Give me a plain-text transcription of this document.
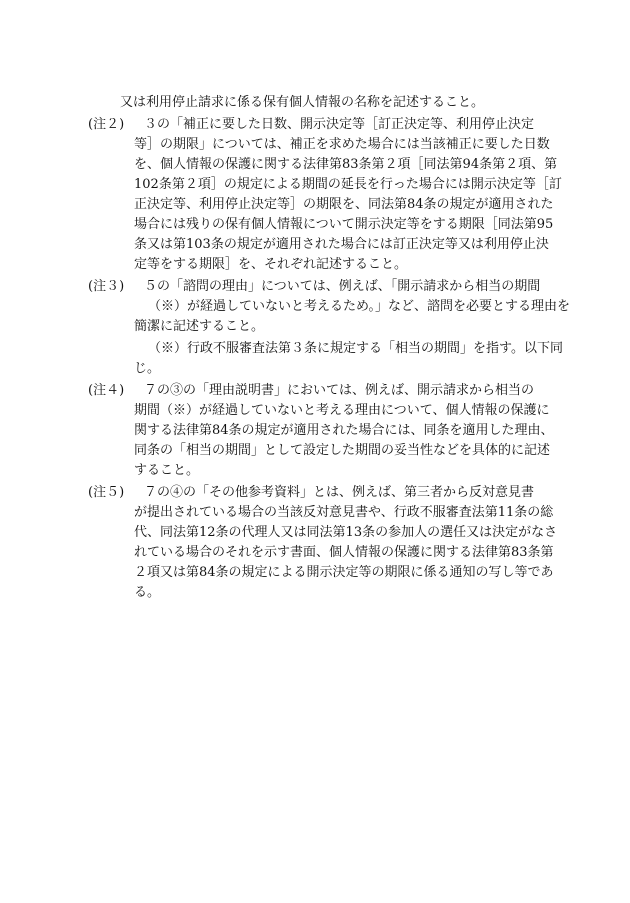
又は利用停止請求に係る保有個人情報の名称を記述すること。
(注２)	３の「補正に要した日数、開示決定等［訂正決定等、利用停止決定
等］の期限」については、補正を求めた場合には当該補正に要した日数
を、個人情報の保護に関する法律第83条第２項［同法第94条第２項、第
102条第２項］の規定による期間の延長を行った場合には開示決定等［訂
正決定等、利用停止決定等］の期限を、同法第84条の規定が適用された
場合には残りの保有個人情報について開示決定等をする期限［同法第95
条又は第103条の規定が適用された場合には訂正決定等又は利用停止決
定等をする期限］を、それぞれ記述すること。
(注３)	５の「諮問の理由」については、例えば、「開示請求から相当の期間
（※）が経過していないと考えるため。」など、諮問を必要とする理由を
簡潔に記述すること。
（※）行政不服審査法第３条に規定する「相当の期間」を指す。以下同
じ。
(注４)	７の③の「理由説明書」においては、例えば、開示請求から相当の
期間（※）が経過していないと考える理由について、個人情報の保護に
関する法律第84条の規定が適用された場合には、同条を適用した理由、
同条の「相当の期間」として設定した期間の妥当性などを具体的に記述
すること。
(注５)	７の④の「その他参考資料」とは、例えば、第三者から反対意見書
が提出されている場合の当該反対意見書や、行政不服審査法第11条の総
代、同法第12条の代理人又は同法第13条の参加人の選任又は決定がなさ
れている場合のそれを示す書面、個人情報の保護に関する法律第83条第
２項又は第84条の規定による開示決定等の期限に係る通知の写し等であ
る。
